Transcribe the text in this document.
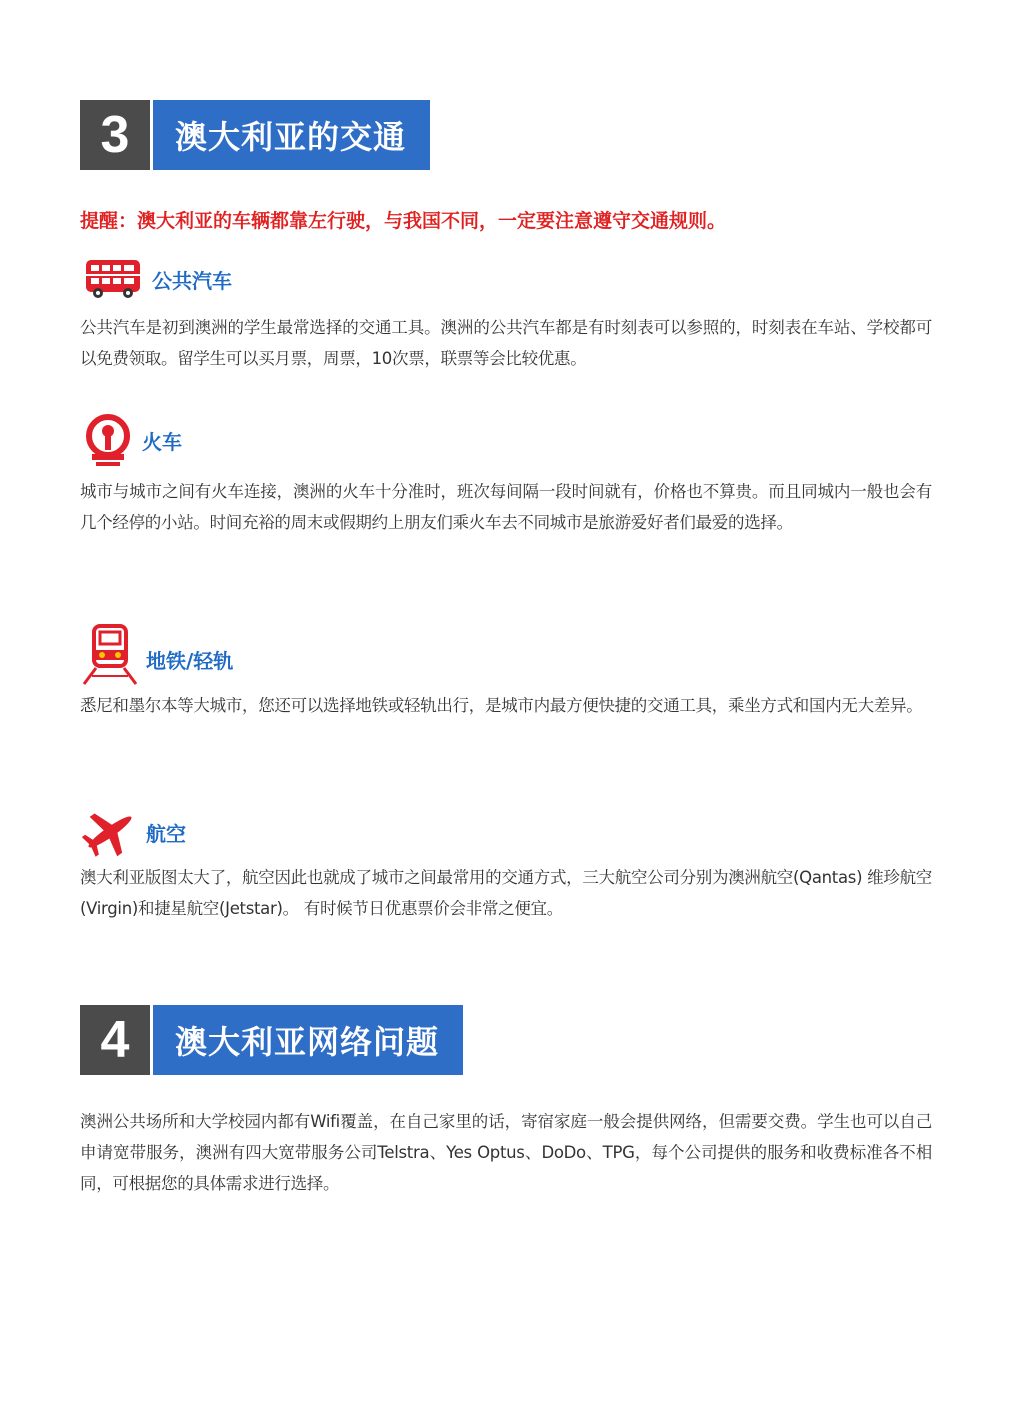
3	澳大利亚的交通
提醒：澳大利亚的车辆都靠左行驶，与我国不同，一定要注意遵守交通规则。
公共汽车
公共汽车是初到澳洲的学生最常选择的交通工具。澳洲的公共汽车都是有时刻表可以参照的，时刻表在车站、学校都可以免费领取。留学生可以买月票，周票，10次票，联票等会比较优惠。
火车
城市与城市之间有火车连接，澳洲的火车十分准时，班次每间隔一段时间就有，价格也不算贵。而且同城内一般也会有几个经停的小站。时间充裕的周末或假期约上朋友们乘火车去不同城市是旅游爱好者们最爱的选择。
地铁/轻轨
悉尼和墨尔本等大城市，您还可以选择地铁或轻轨出行，是城市内最方便快捷的交通工具，乘坐方式和国内无大差异。
航空
澳大利亚版图太大了，航空因此也就成了城市之间最常用的交通方式，三大航空公司分别为澳洲航空(Qantas) 维珍航空(Virgin)和捷星航空(Jetstar)。 有时候节日优惠票价会非常之便宜。
4	澳大利亚网络问题
澳洲公共场所和大学校园内都有Wifi覆盖，在自己家里的话，寄宿家庭一般会提供网络，但需要交费。学生也可以自己申请宽带服务，澳洲有四大宽带服务公司Telstra、Yes Optus、DoDo、TPG，每个公司提供的服务和收费标准各不相同，可根据您的具体需求进行选择。
